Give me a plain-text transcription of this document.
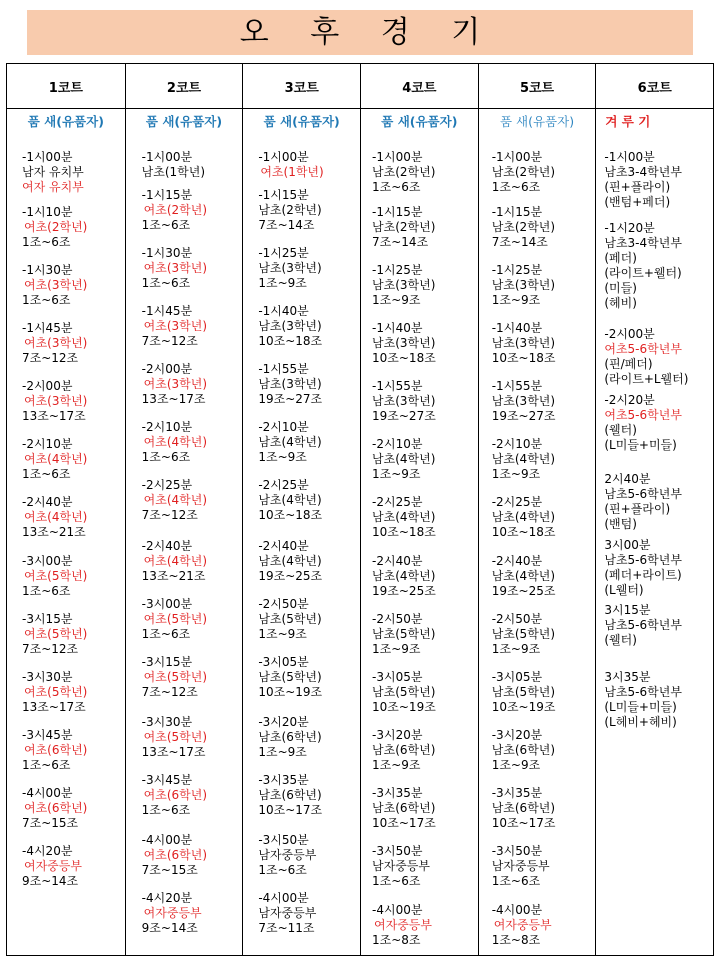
오 후 경 기
1코트
품 새(유품자)
-1시00분
남자 유치부
여자 유치부
-1시10분
여초(2학년)
1조~6조
-1시30분
여초(3학년)
1조~6조
-1시45분
여초(3학년)
7조~12조
-2시00분
여초(3학년)
13조~17조
-2시10분
여초(4학년)
1조~6조
-2시40분
여초(4학년)
13조~21조
-3시00분
여초(5학년)
1조~6조
-3시15분
여초(5학년)
7조~12조
-3시30분
여초(5학년)
13조~17조
-3시45분
여초(6학년)
1조~6조
-4시00분
여초(6학년)
7조~15조
-4시20분
여자중등부
9조~14조
2코트
품 새(유품자)
-1시00분
남초(1학년)
-1시15분
여초(2학년)
1조~6조
-1시30분
여초(3학년)
1조~6조
-1시45분
여초(3학년)
7조~12조
-2시00분
여초(3학년)
13조~17조
-2시10분
여초(4학년)
1조~6조
-2시25분
여초(4학년)
7조~12조
-2시40분
여초(4학년)
13조~21조
-3시00분
여초(5학년)
1조~6조
-3시15분
여초(5학년)
7조~12조
-3시30분
여초(5학년)
13조~17조
-3시45분
여초(6학년)
1조~6조
-4시00분
여초(6학년)
7조~15조
-4시20분
여자중등부
9조~14조
3코트
품 새(유품자)
-1시00분
여초(1학년)
-1시15분
남초(2학년)
7조~14조
-1시25분
남초(3학년)
1조~9조
-1시40분
남초(3학년)
10조~18조
-1시55분
남초(3학년)
19조~27조
-2시10분
남초(4학년)
1조~9조
-2시25분
남초(4학년)
10조~18조
-2시40분
남초(4학년)
19조~25조
-2시50분
남초(5학년)
1조~9조
-3시05분
남초(5학년)
10조~19조
-3시20분
남초(6학년)
1조~9조
-3시35분
남초(6학년)
10조~17조
-3시50분
남자중등부
1조~6조
-4시00분
남자중등부
7조~11조
4코트
품 새(유품자)
-1시00분
남초(2학년)
1조~6조
-1시15분
남초(2학년)
7조~14조
-1시25분
남초(3학년)
1조~9조
-1시40분
남초(3학년)
10조~18조
-1시55분
남초(3학년)
19조~27조
-2시10분
남초(4학년)
1조~9조
-2시25분
남초(4학년)
10조~18조
-2시40분
남초(4학년)
19조~25조
-2시50분
남초(5학년)
1조~9조
-3시05분
남초(5학년)
10조~19조
-3시20분
남초(6학년)
1조~9조
-3시35분
남초(6학년)
10조~17조
-3시50분
남자중등부
1조~6조
-4시00분
여자중등부
1조~8조
5코트
품 새(유품자)
-1시00분
남초(2학년)
1조~6조
-1시15분
남초(2학년)
7조~14조
-1시25분
남초(3학년)
1조~9조
-1시40분
남초(3학년)
10조~18조
-1시55분
남초(3학년)
19조~27조
-2시10분
남초(4학년)
1조~9조
-2시25분
남초(4학년)
10조~18조
-2시40분
남초(4학년)
19조~25조
-2시50분
남초(5학년)
1조~9조
-3시05분
남초(5학년)
10조~19조
-3시20분
남초(6학년)
1조~9조
-3시35분
남초(6학년)
10조~17조
-3시50분
남자중등부
1조~6조
-4시00분
여자중등부
1조~8조
6코트
겨 루 기
-1시00분
남초3-4학년부
(핀+플라이)
(밴텀+페더)
-1시20분
남초3-4학년부
(페더)
(라이트+웰터)
(미들)
(헤비)
-2시00분
여초5-6학년부
(핀/페더)
(라이트+L웰터)
-2시20분
여초5-6학년부
(웰터)
(L미들+미들)
2시40분
남초5-6학년부
(핀+플라이)
(밴텀)
3시00분
남초5-6학년부
(페더+라이트)
(L웰터)
3시15분
남초5-6학년부
(웰터)
3시35분
남초5-6학년부
(L미들+미들)
(L헤비+헤비)
